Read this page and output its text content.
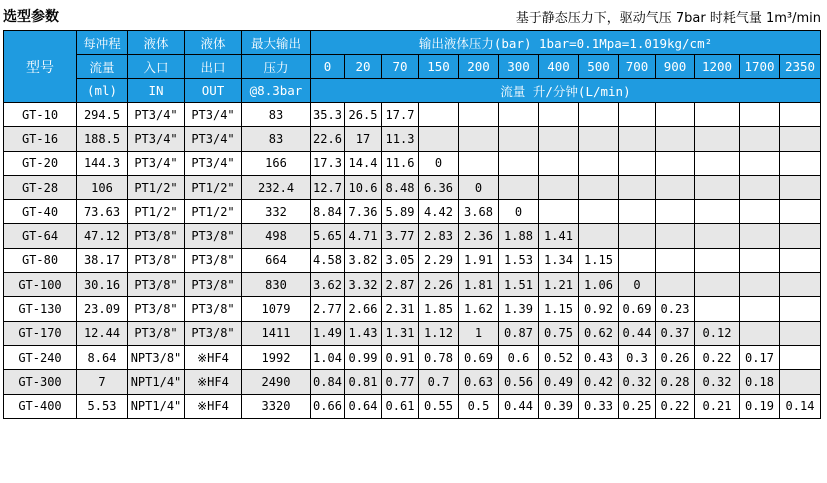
选型参数	基于静态压力下，驱动气压 7bar 时耗气量 1m³/min
型号	每冲程	液体	液体	最大输出	输出液体压力(bar) 1bar=0.1Mpa=1.019kg/cm²												
	流量	入口	出口	压力	0	20	70	150	200	300	400	500	700	900	1200	1700	2350
	(ml)	IN	OUT	@8.3bar	流量 升/分钟(L/min)												
GT-10	294.5	PT3/4"	PT3/4"	83	35.3	26.5	17.7										
GT-16	188.5	PT3/4"	PT3/4"	83	22.6	17	11.3										
GT-20	144.3	PT3/4"	PT3/4"	166	17.3	14.4	11.6	0									
GT-28	106	PT1/2"	PT1/2"	232.4	12.7	10.6	8.48	6.36	0								
GT-40	73.63	PT1/2"	PT1/2"	332	8.84	7.36	5.89	4.42	3.68	0							
GT-64	47.12	PT3/8"	PT3/8"	498	5.65	4.71	3.77	2.83	2.36	1.88	1.41						
GT-80	38.17	PT3/8"	PT3/8"	664	4.58	3.82	3.05	2.29	1.91	1.53	1.34	1.15					
GT-100	30.16	PT3/8"	PT3/8"	830	3.62	3.32	2.87	2.26	1.81	1.51	1.21	1.06	0				
GT-130	23.09	PT3/8"	PT3/8"	1079	2.77	2.66	2.31	1.85	1.62	1.39	1.15	0.92	0.69	0.23			
GT-170	12.44	PT3/8"	PT3/8"	1411	1.49	1.43	1.31	1.12	1	0.87	0.75	0.62	0.44	0.37	0.12		
GT-240	8.64	NPT3/8"	※HF4	1992	1.04	0.99	0.91	0.78	0.69	0.6	0.52	0.43	0.3	0.26	0.22	0.17	
GT-300	7	NPT1/4"	※HF4	2490	0.84	0.81	0.77	0.7	0.63	0.56	0.49	0.42	0.32	0.28	0.32	0.18	
GT-400	5.53	NPT1/4"	※HF4	3320	0.66	0.64	0.61	0.55	0.5	0.44	0.39	0.33	0.25	0.22	0.21	0.19	0.14
